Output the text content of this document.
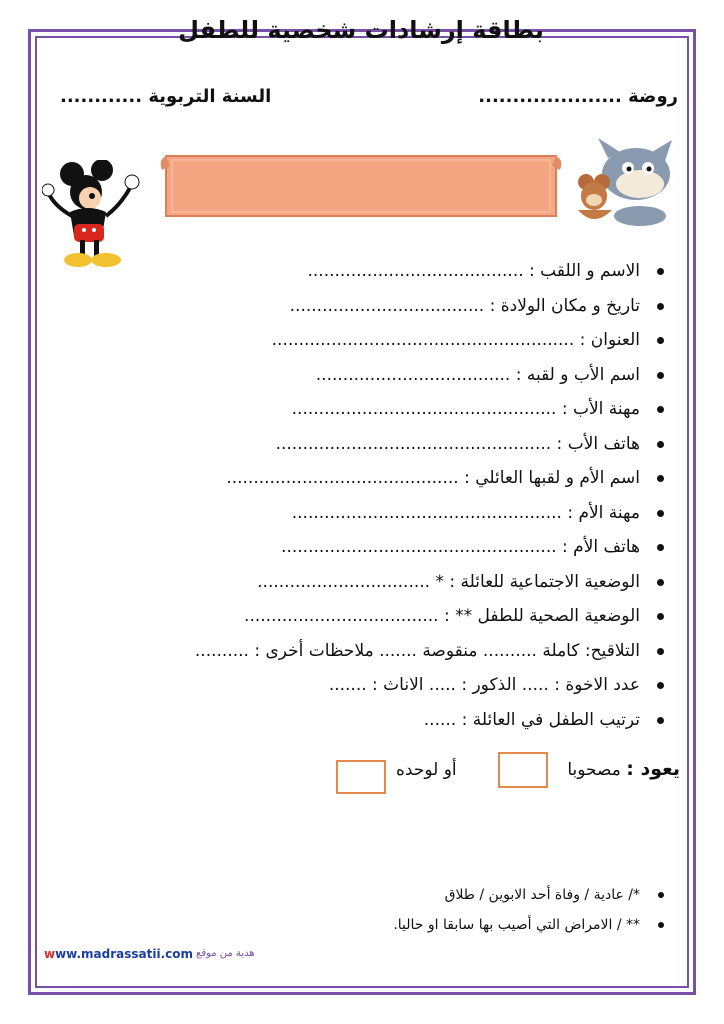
روضة .....................
السنة التربوية ............
بطاقة إرشادات شخصية للطفل
الاسم و اللقب : ........................................
تاريخ و مكان الولادة : ....................................
العنوان : ........................................................
اسم الأب و لقبه : ....................................
مهنة الأب : .................................................
هاتف الأب : ...................................................
اسم الأم و لقبها العائلي : ...........................................
مهنة الأم : ..................................................
هاتف الأم : ...................................................
الوضعية الاجتماعية للعائلة : * ................................
الوضعية الصحية للطفل ** : ....................................
التلاقيح: كاملة .......... منقوصة ....... ملاحظات أخرى : ..........
عدد الاخوة : ..... الذكور : ..... الاناث : .......
ترتيب الطفل في العائلة : ......
يعود : مصحوبا
أو لوحده
*/ عادية / وفاة أحد الابوين / طلاق
** / الامراض التي أصيب بها سابقا او حاليا.
www.madrassatii.com هدية من موقع
